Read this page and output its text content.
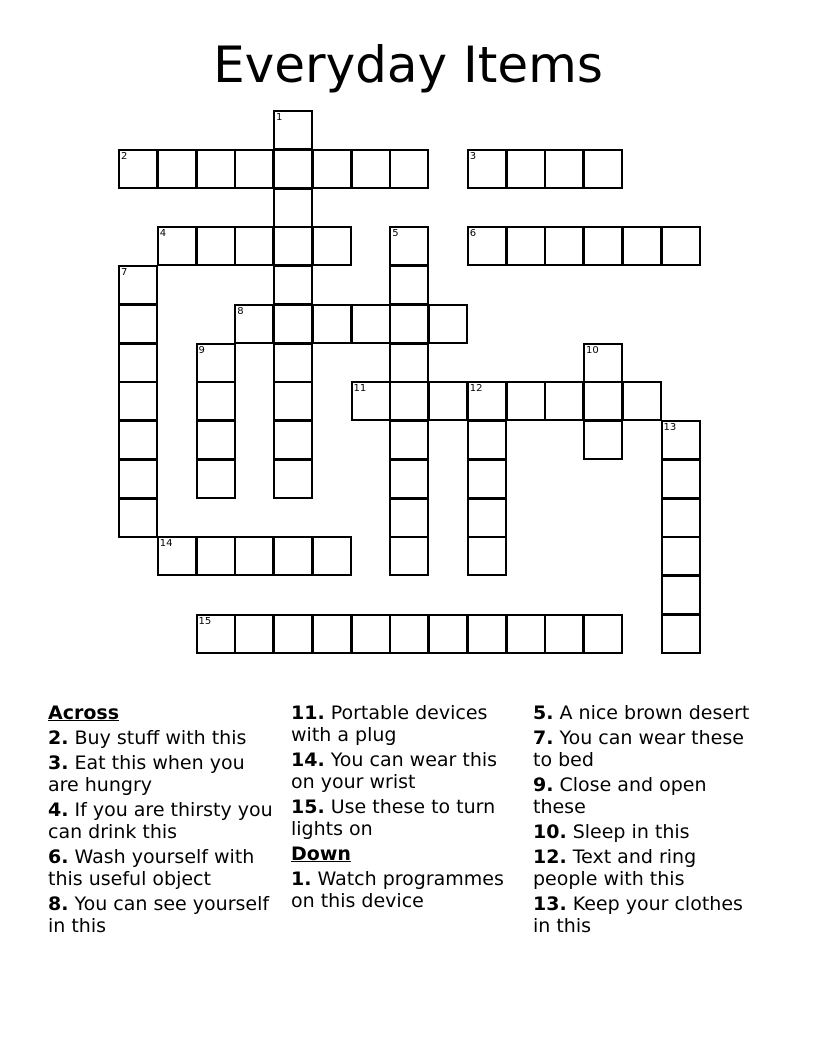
Everyday Items
1
2	3
4	5	6
7
8
9	10
11	12
13
14
15
Across
2. Buy stuff with this
3. Eat this when you are hungry
4. If you are thirsty you can drink this
6. Wash yourself with this useful object
8. You can see yourself in this
11. Portable devices with a plug
14. You can wear this on your wrist
15. Use these to turn lights on
Down
1. Watch programmes on this device
5. A nice brown desert
7. You can wear these to bed
9. Close and open these
10. Sleep in this
12. Text and ring people with this
13. Keep your clothes in this
